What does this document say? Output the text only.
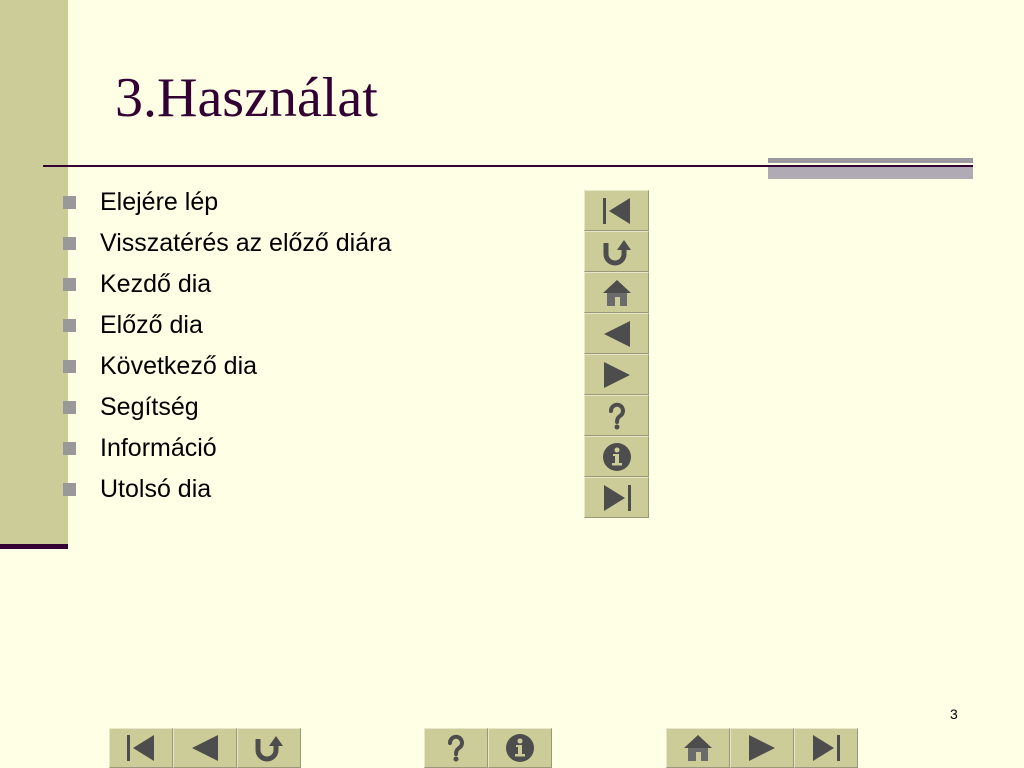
3.Használat
Elejére lép
Visszatérés az előző diára
Kezdő dia
Előző dia
Következő dia
Segítség
Információ
Utolsó dia
3
